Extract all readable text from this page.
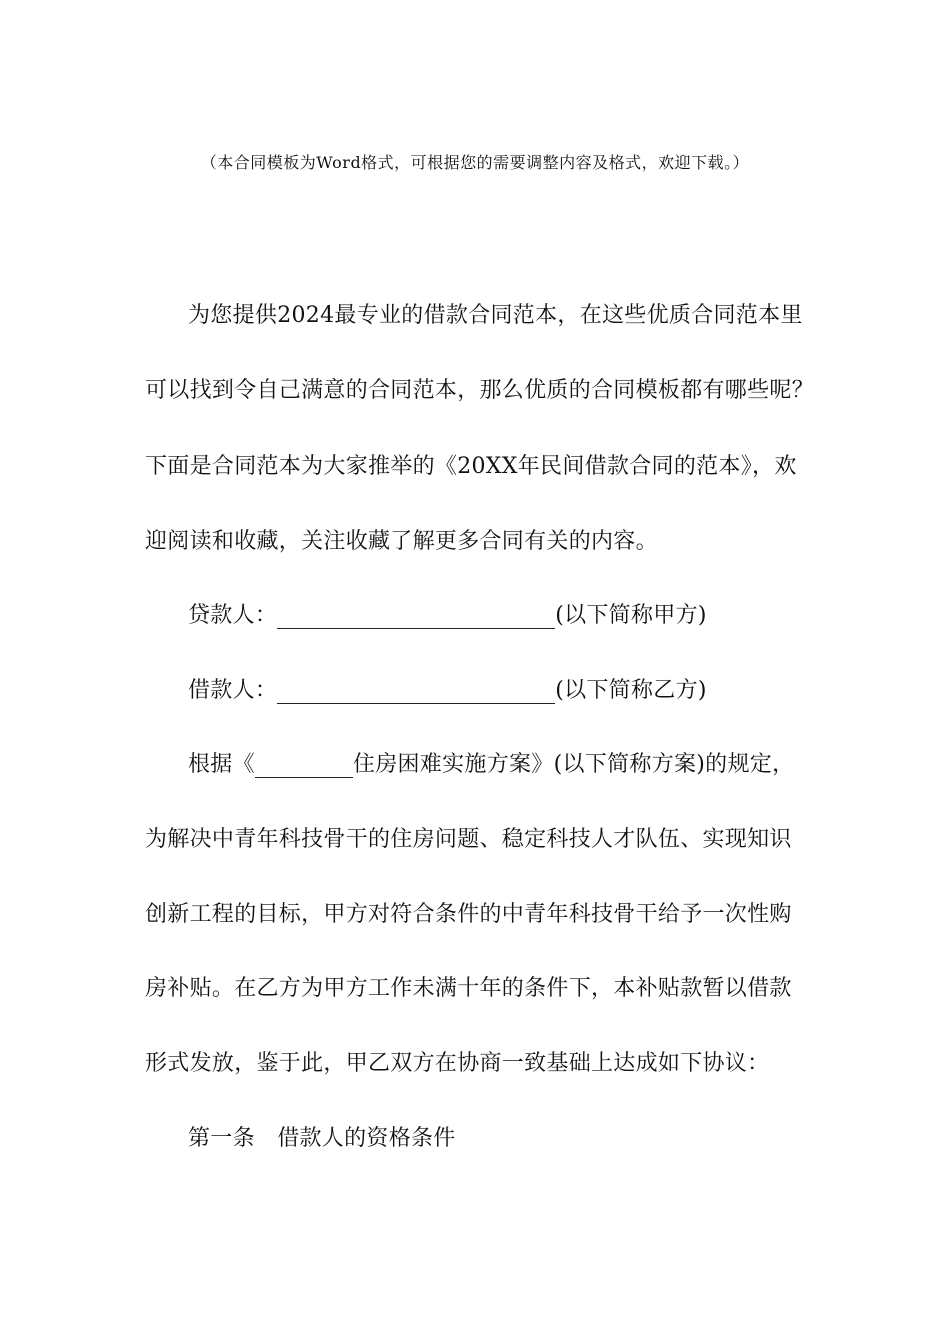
（本合同模板为Word格式，可根据您的需要调整内容及格式，欢迎下载。）
为您提供2024最专业的借款合同范本，在这些优质合同范本里
可以找到令自己满意的合同范本，那么优质的合同模板都有哪些呢？
下面是合同范本为大家推举的《20XX年民间借款合同的范本》，欢
迎阅读和收藏，关注收藏了解更多合同有关的内容。
贷款人：	(以下简称甲方)
借款人：	(以下简称乙方)
根据《	住房困难实施方案》(以下简称方案)的规定，
为解决中青年科技骨干的住房问题、稳定科技人才队伍、实现知识
创新工程的目标，甲方对符合条件的中青年科技骨干给予一次性购
房补贴。在乙方为甲方工作未满十年的条件下，本补贴款暂以借款
形式发放，鉴于此，甲乙双方在协商一致基础上达成如下协议：
第一条　借款人的资格条件
